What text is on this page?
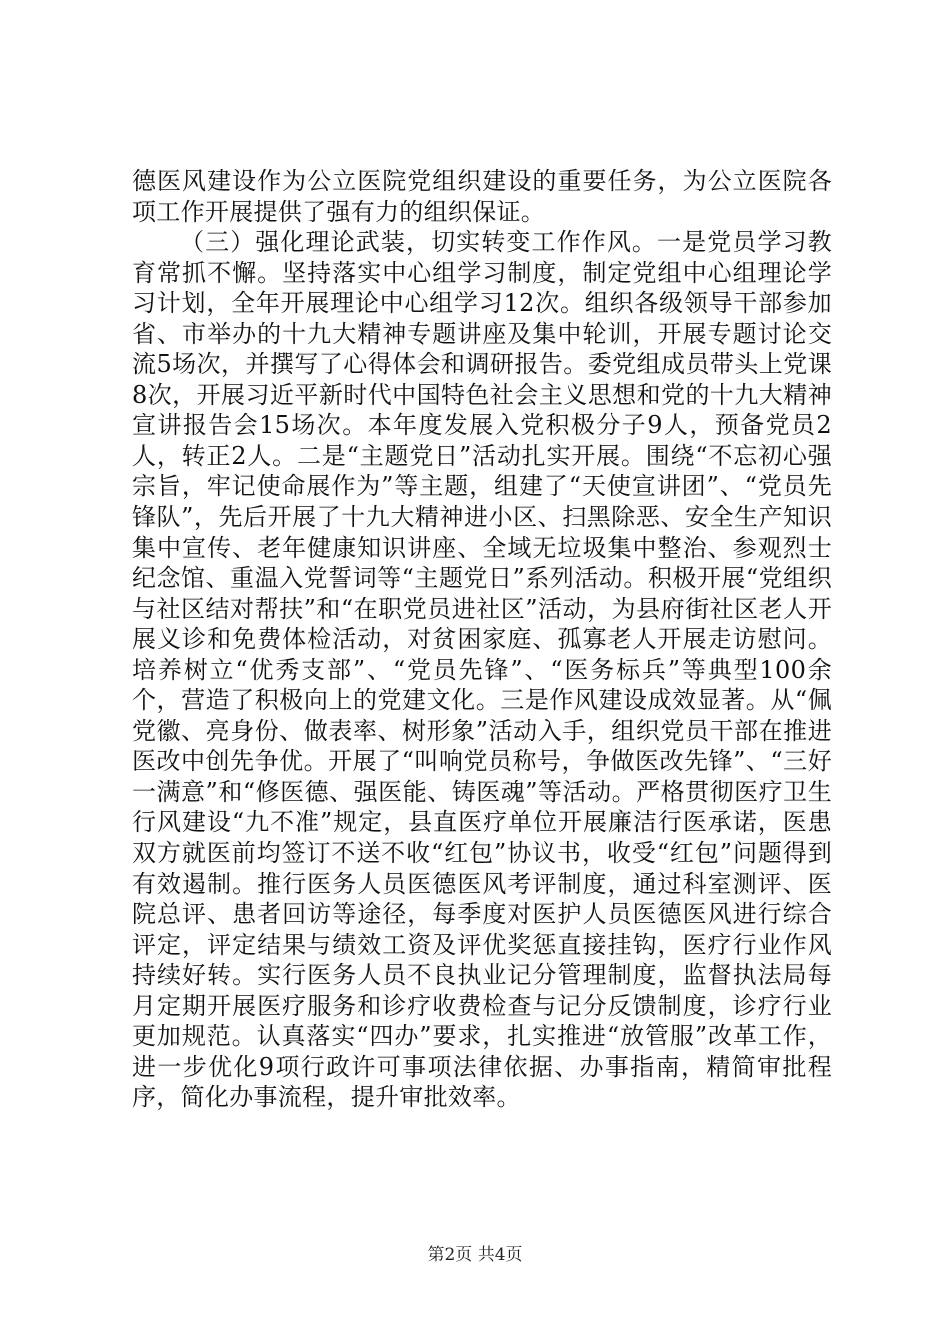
德医风建设作为公立医院党组织建设的重要任务，为公立医院各项工作开展提供了强有力的组织保证。

（三）强化理论武装，切实转变工作作风。一是党员学习教育常抓不懈。坚持落实中心组学习制度，制定党组中心组理论学习计划，全年开展理论中心组学习12次。组织各级领导干部参加省、市举办的十九大精神专题讲座及集中轮训，开展专题讨论交流5场次，并撰写了心得体会和调研报告。委党组成员带头上党课8次，开展习近平新时代中国特色社会主义思想和党的十九大精神宣讲报告会15场次。本年度发展入党积极分子9人，预备党员2人，转正2人。二是“主题党日”活动扎实开展。围绕“不忘初心强宗旨，牢记使命展作为”等主题，组建了“天使宣讲团”、“党员先锋队”，先后开展了十九大精神进小区、扫黑除恶、安全生产知识集中宣传、老年健康知识讲座、全域无垃圾集中整治、参观烈士纪念馆、重温入党誓词等“主题党日”系列活动。积极开展“党组织与社区结对帮扶”和“在职党员进社区”活动，为县府街社区老人开展义诊和免费体检活动，对贫困家庭、孤寡老人开展走访慰问。培养树立“优秀支部”、“党员先锋”、“医务标兵”等典型100余个，营造了积极向上的党建文化。三是作风建设成效显著。从“佩党徽、亮身份、做表率、树形象”活动入手，组织党员干部在推进医改中创先争优。开展了“叫响党员称号，争做医改先锋”、“三好一满意”和“修医德、强医能、铸医魂”等活动。严格贯彻医疗卫生行风建设“九不准”规定，县直医疗单位开展廉洁行医承诺，医患双方就医前均签订不送不收“红包”协议书，收受“红包”问题得到有效遏制。推行医务人员医德医风考评制度，通过科室测评、医院总评、患者回访等途径，每季度对医护人员医德医风进行综合评定，评定结果与绩效工资及评优奖惩直接挂钩，医疗行业作风持续好转。实行医务人员不良执业记分管理制度，监督执法局每月定期开展医疗服务和诊疗收费检查与记分反馈制度，诊疗行业更加规范。认真落实“四办”要求，扎实推进“放管服”改革工作，进一步优化9项行政许可事项法律依据、办事指南，精简审批程序，简化办事流程，提升审批效率。

第2页 共4页
